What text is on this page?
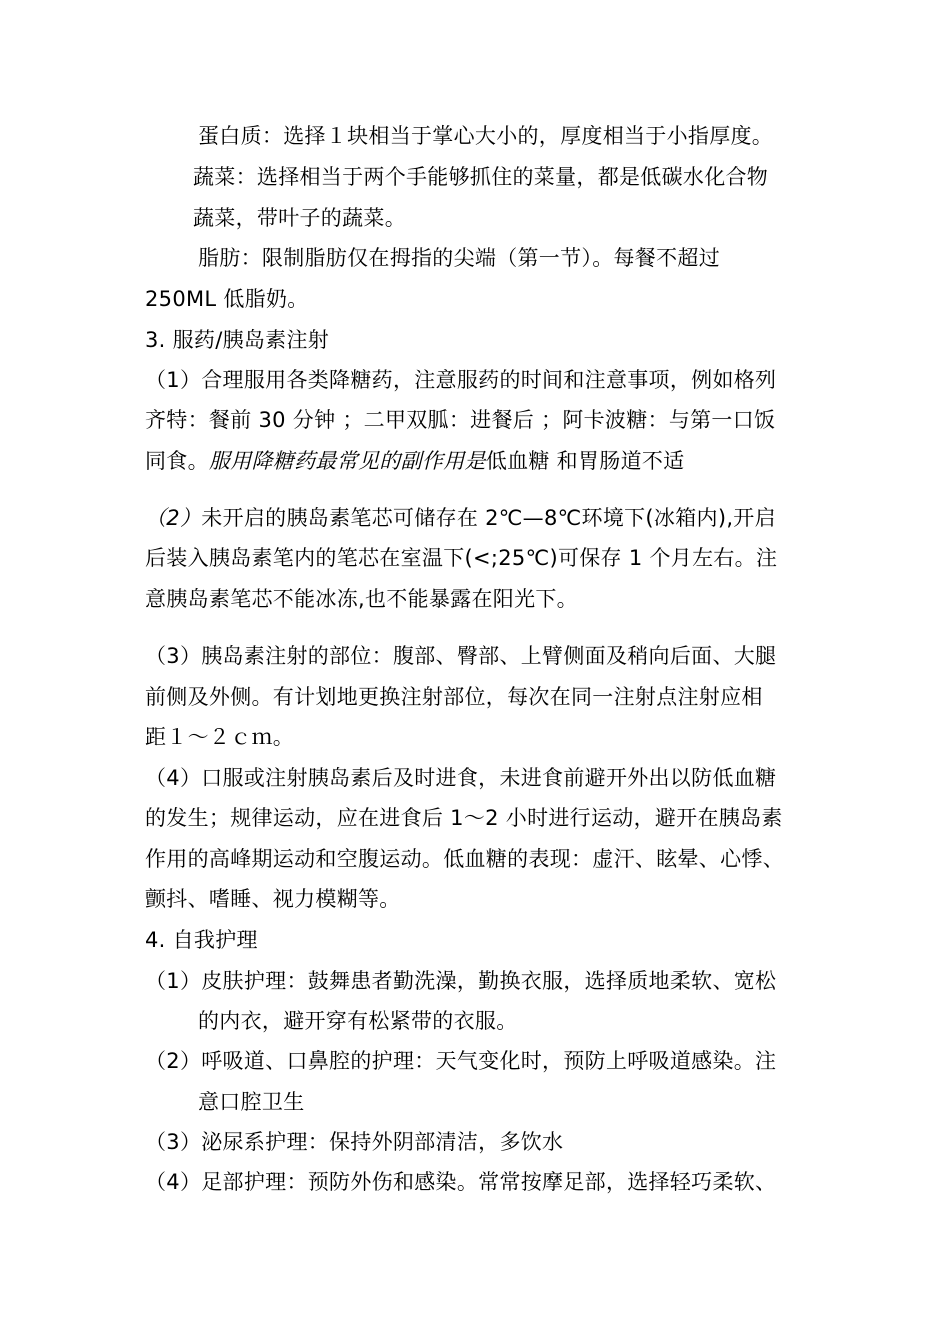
蛋白质：选择１块相当于掌心大小的，厚度相当于小指厚度。

蔬菜：选择相当于两个手能够抓住的菜量，都是低碳水化合物

蔬菜，带叶子的蔬菜。

脂肪：限制脂肪仅在拇指的尖端（第一节）。每餐不超过

250ML 低脂奶。

3. 服药/胰岛素注射

（1）合理服用各类降糖药，注意服药的时间和注意事项，例如格列

齐特：餐前 30 分钟 ；二甲双胍：进餐后 ；阿卡波糖：与第一口饭

同食。服用降糖药最常见的副作用是低血糖 和胃肠道不适

（2）未开启的胰岛素笔芯可储存在 2℃—8℃环境下(冰箱内),开启

后装入胰岛素笔内的笔芯在室温下(<;25℃)可保存 1 个月左右。注

意胰岛素笔芯不能冰冻,也不能暴露在阳光下。

（3）胰岛素注射的部位：腹部、臀部、上臂侧面及稍向后面、大腿

前侧及外侧。有计划地更换注射部位，每次在同一注射点注射应相

距１～２ｃｍ。

（4）口服或注射胰岛素后及时进食，未进食前避开外出以防低血糖

的发生；规律运动，应在进食后 1～2 小时进行运动，避开在胰岛素

作用的高峰期运动和空腹运动。低血糖的表现：虚汗、眩晕、心悸、

颤抖、嗜睡、视力模糊等。

4. 自我护理

（1）皮肤护理：鼓舞患者勤洗澡，勤换衣服，选择质地柔软、宽松

的内衣，避开穿有松紧带的衣服。

（2）呼吸道、口鼻腔的护理：天气变化时，预防上呼吸道感染。注

意口腔卫生

（3）泌尿系护理：保持外阴部清洁，多饮水

（4）足部护理：预防外伤和感染。常常按摩足部，选择轻巧柔软、
